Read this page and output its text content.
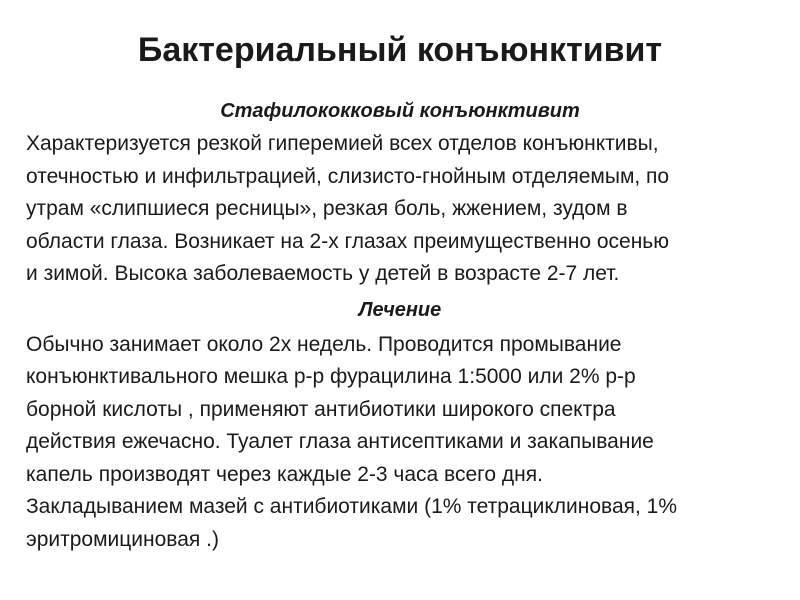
Бактериальный конъюнктивит
Стафилококковый конъюнктивит

Характеризуется резкой гиперемией всех отделов конъюнктивы,
отечностью и инфильтрацией, слизисто-гнойным отделяемым, по
утрам «слипшиеся ресницы», резкая боль, жжением, зудом в
области глаза. Возникает на 2-х глазах преимущественно осенью
и зимой. Высока заболеваемость у детей в возрасте 2-7 лет.

Лечение

Обычно занимает около 2х недель. Проводится промывание
конъюнктивального мешка р-р фурацилина 1:5000 или 2% р-р
борной кислоты , применяют антибиотики широкого спектра
действия ежечасно. Туалет глаза антисептиками и закапывание
капель производят через каждые 2-3 часа всего дня.
Закладыванием мазей с антибиотиками (1% тетрациклиновая, 1%
эритромициновая .)
